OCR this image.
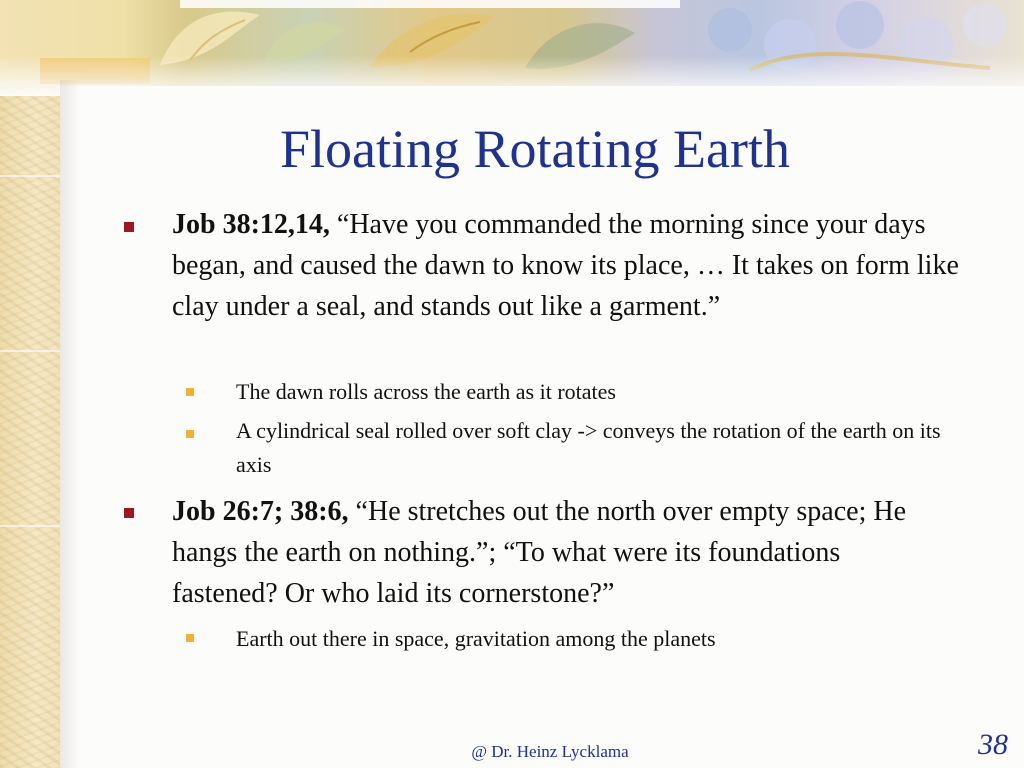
Floating Rotating Earth
Job 38:12,14, “Have you commanded the morning since your days began, and caused the dawn to know its place, … It takes on form like clay under a seal, and stands out like a garment.”
The dawn rolls across the earth as it rotates
A cylindrical seal rolled over soft clay -> conveys the rotation of the earth on its axis
Job 26:7; 38:6, “He stretches out the north over empty space; He hangs the earth on nothing.”; “To what were its foundations fastened? Or who laid its cornerstone?”
Earth out there in space, gravitation among the planets
@ Dr. Heinz Lycklama	38
